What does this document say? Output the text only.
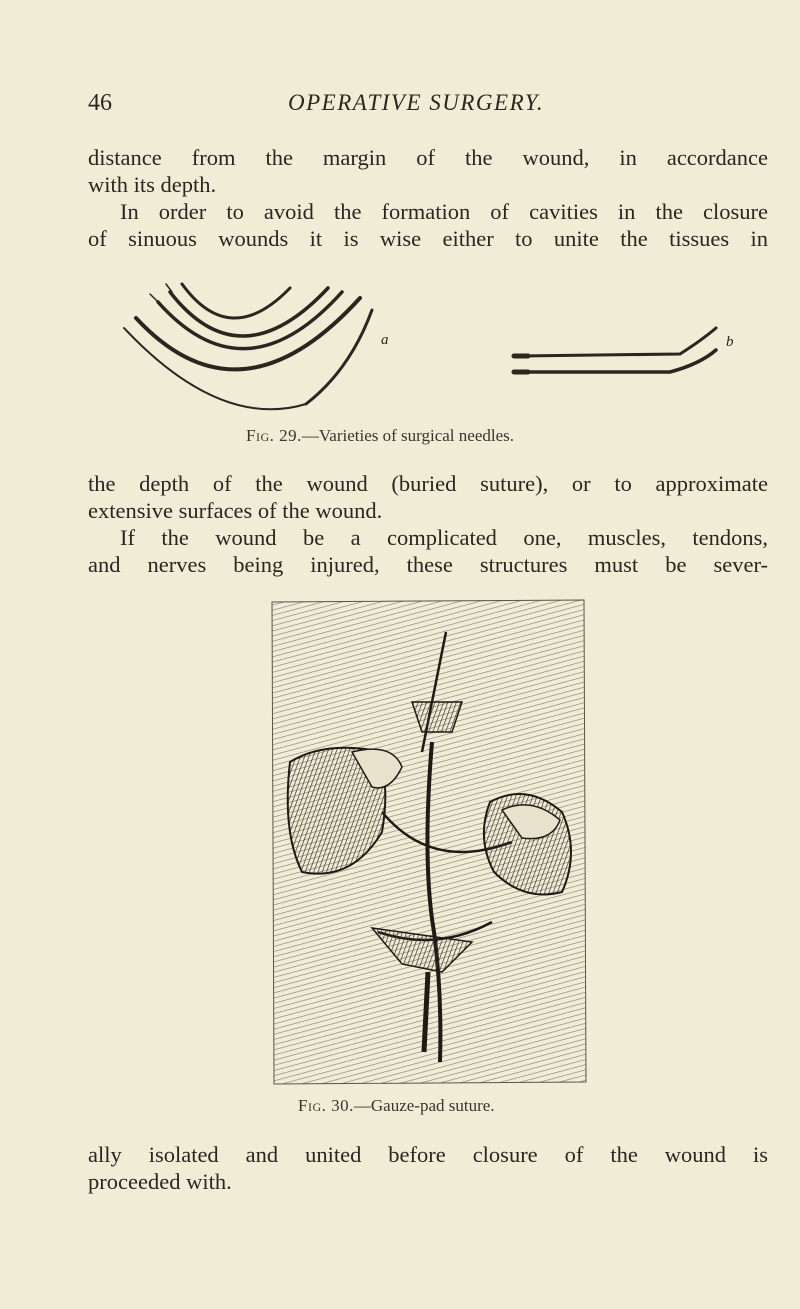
46	OPERATIVE SURGERY.

distance from the margin of the wound, in accordance
with its depth.

In order to avoid the formation of cavities in the closure
of sinuous wounds it is wise either to unite the tissues in

a	b
Fig. 29.—Varieties of surgical needles.

the depth of the wound (buried suture), or to approximate
extensive surfaces of the wound.

If the wound be a complicated one, muscles, tendons,
and nerves being injured, these structures must be sever-

Fig. 30.—Gauze-pad suture.

ally isolated and united before closure of the wound is
proceeded with.
